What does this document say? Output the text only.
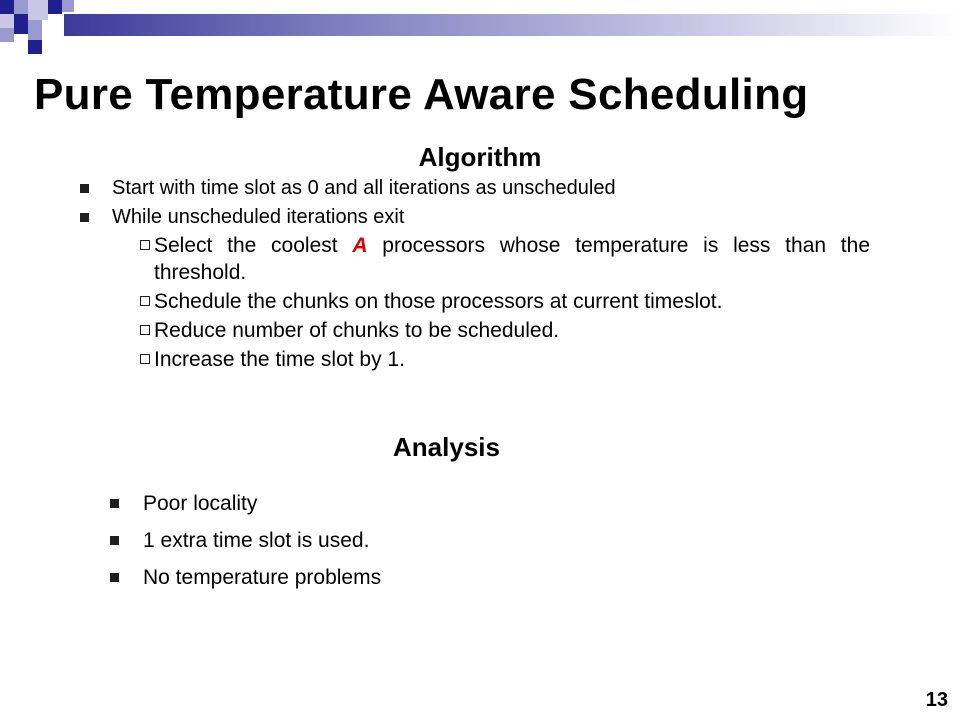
Pure Temperature Aware Scheduling
Algorithm
Start with time slot as 0 and all iterations as unscheduled
While unscheduled iterations exit
Select the coolest A processors whose temperature is less than the threshold.
Schedule the chunks on those processors at current timeslot.
Reduce number of chunks to be scheduled.
Increase the time slot by 1.
Analysis
Poor locality
1 extra time slot is used.
No temperature problems
13
